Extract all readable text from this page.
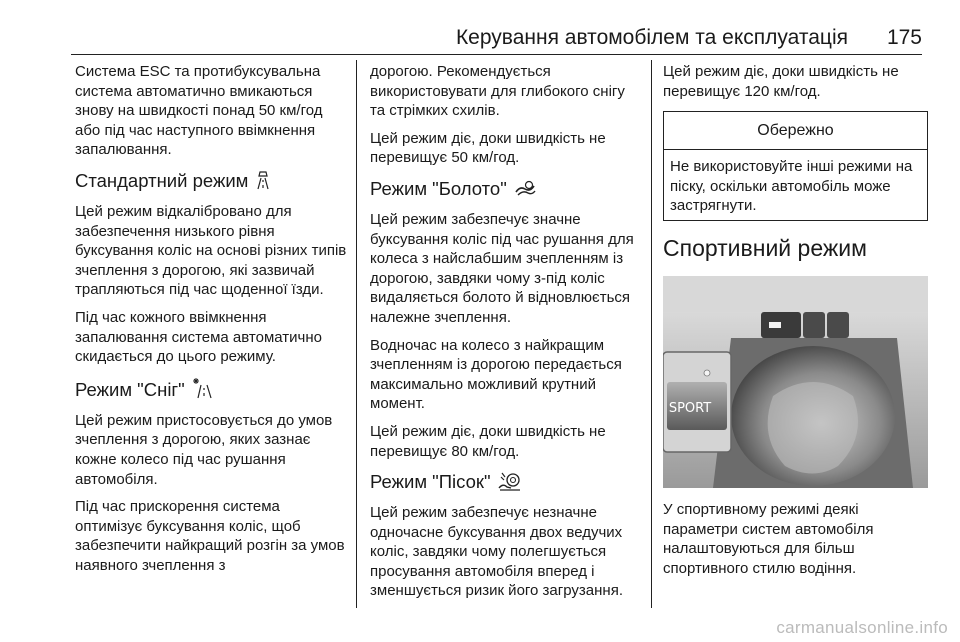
Керування автомобілем та експлуатація 175

Система ESC та протибуксувальна система автоматично вмикаються знову на швидкості понад 50 км/год або під час наступного ввімкнення запалювання.

Стандартний режим

Цей режим відкалібровано для забезпечення низького рівня буксування коліс на основі різних типів зчеплення з дорогою, які зазвичай трапляються під час щоденної їзди.

Під час кожного ввімкнення запалювання система автоматично скидається до цього режиму.

Режим "Сніг"

Цей режим пристосовується до умов зчеплення з дорогою, яких зазнає кожне колесо під час рушання автомобіля.

Під час прискорення система оптимізує буксування коліс, щоб забезпечити найкращий розгін за умов наявного зчеплення з

дорогою. Рекомендується використовувати для глибокого снігу та стрімких схилів.

Цей режим діє, доки швидкість не перевищує 50 км/год.

Режим "Болото"

Цей режим забезпечує значне буксування коліс під час рушання для колеса з найслабшим зчепленням із дорогою, завдяки чому з-під коліс видаляється болото й відновлюється належне зчеплення.

Водночас на колесо з найкращим зчепленням із дорогою передається максимально можливий крутний момент.

Цей режим діє, доки швидкість не перевищує 80 км/год.

Режим "Пісок"

Цей режим забезпечує незначне одночасне буксування двох ведучих коліс, завдяки чому полегшується просування автомобіля вперед і зменшується ризик його загрузання.

Цей режим діє, доки швидкість не перевищує 120 км/год.

Обережно

Не використовуйте інші режими на піску, оскільки автомобіль може застрягнути.

Спортивний режим
SPORT

У спортивному режимі деякі параметри систем автомобіля налаштовуються для більш спортивного стилю водіння.

carmanualsonline.info
